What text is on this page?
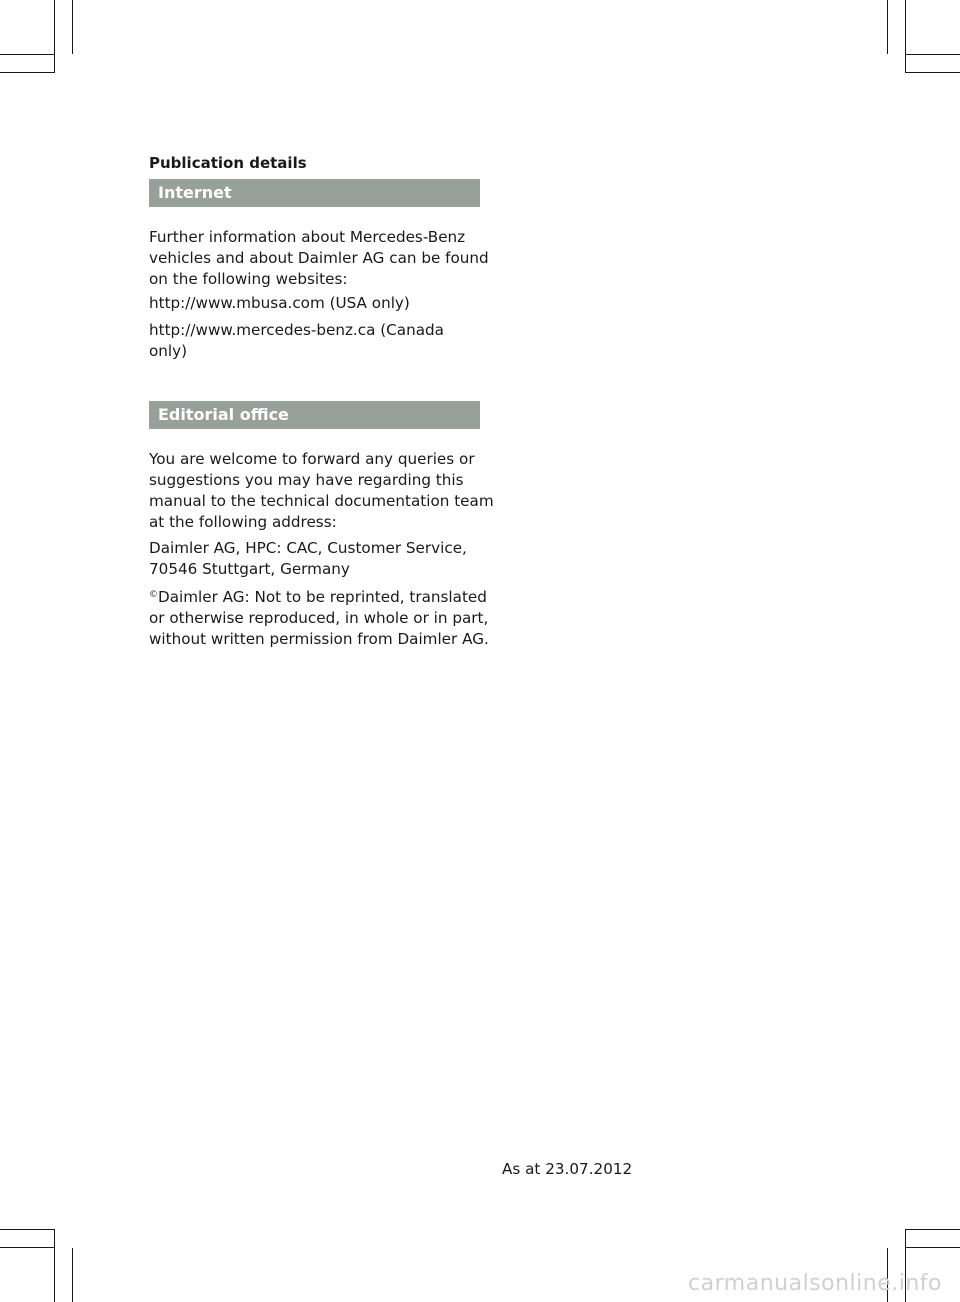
Publication details
Internet

Further information about Mercedes-Benz
vehicles and about Daimler AG can be found
on the following websites:

http://www.mbusa.com (USA only)

http://www.mercedes-benz.ca (Canada
only)

Editorial office

You are welcome to forward any queries or
suggestions you may have regarding this
manual to the technical documentation team
at the following address:

Daimler AG, HPC: CAC, Customer Service,
70546 Stuttgart, Germany

©Daimler AG: Not to be reprinted, translated
or otherwise reproduced, in whole or in part,
without written permission from Daimler AG.

As at 23.07.2012
carmanualsonline.info
